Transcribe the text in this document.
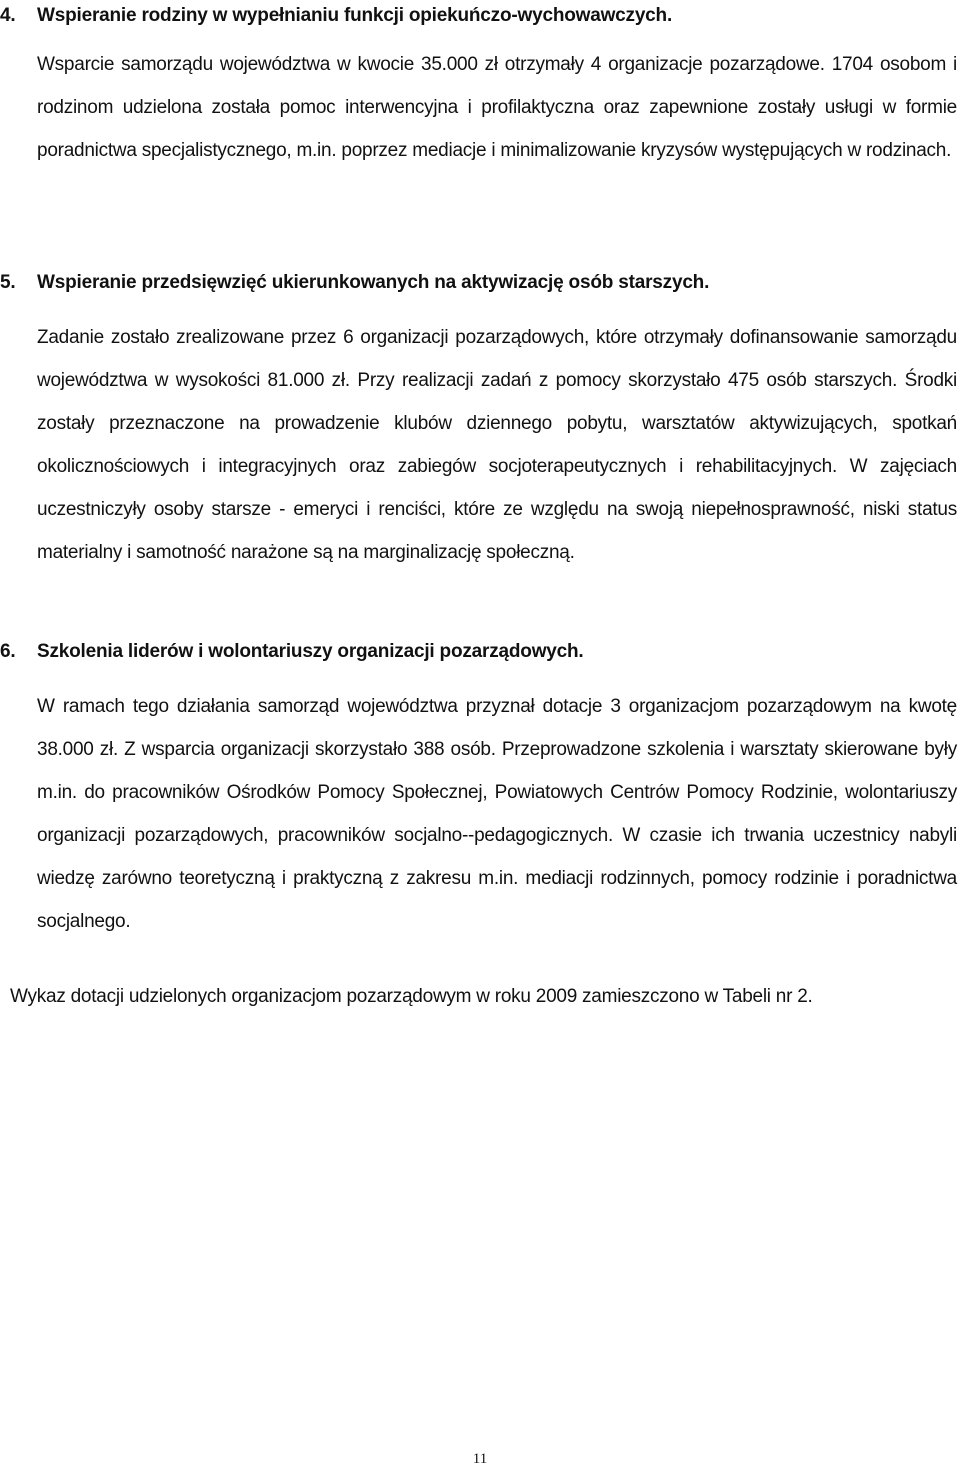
4. Wspieranie rodziny w wypełnianiu funkcji opiekuńczo-wychowawczych.

Wsparcie samorządu województwa w kwocie 35.000 zł otrzymały 4 organizacje pozarządowe. 1704 osobom i rodzinom udzielona została pomoc interwencyjna i profilaktyczna oraz zapewnione zostały usługi w formie poradnictwa specjalistycznego, m.in. poprzez mediacje i minimalizowanie kryzysów występujących w rodzinach.

5. Wspieranie przedsięwzięć ukierunkowanych na aktywizację osób starszych.

Zadanie zostało zrealizowane przez 6 organizacji pozarządowych, które otrzymały dofinansowanie samorządu województwa w wysokości 81.000 zł. Przy realizacji zadań z pomocy skorzystało 475 osób starszych. Środki zostały przeznaczone na prowadzenie klubów dziennego pobytu, warsztatów aktywizujących, spotkań okolicznościowych i integracyjnych oraz zabiegów socjoterapeutycznych i rehabilitacyjnych. W zajęciach uczestniczyły osoby starsze - emeryci i renciści, które ze względu na swoją niepełnosprawność, niski status materialny i samotność narażone są na marginalizację społeczną.

6. Szkolenia liderów i wolontariuszy organizacji pozarządowych.

W ramach tego działania samorząd województwa przyznał dotacje 3 organizacjom pozarządowym na kwotę 38.000 zł. Z wsparcia organizacji skorzystało 388 osób. Przeprowadzone szkolenia i warsztaty skierowane były m.in. do pracowników Ośrodków Pomocy Społecznej, Powiatowych Centrów Pomocy Rodzinie, wolontariuszy organizacji pozarządowych, pracowników socjalno--pedagogicznych. W czasie ich trwania uczestnicy nabyli wiedzę zarówno teoretyczną i praktyczną z zakresu m.in. mediacji rodzinnych, pomocy rodzinie i poradnictwa socjalnego.

Wykaz dotacji udzielonych organizacjom pozarządowym w roku 2009 zamieszczono w Tabeli nr 2.
11
